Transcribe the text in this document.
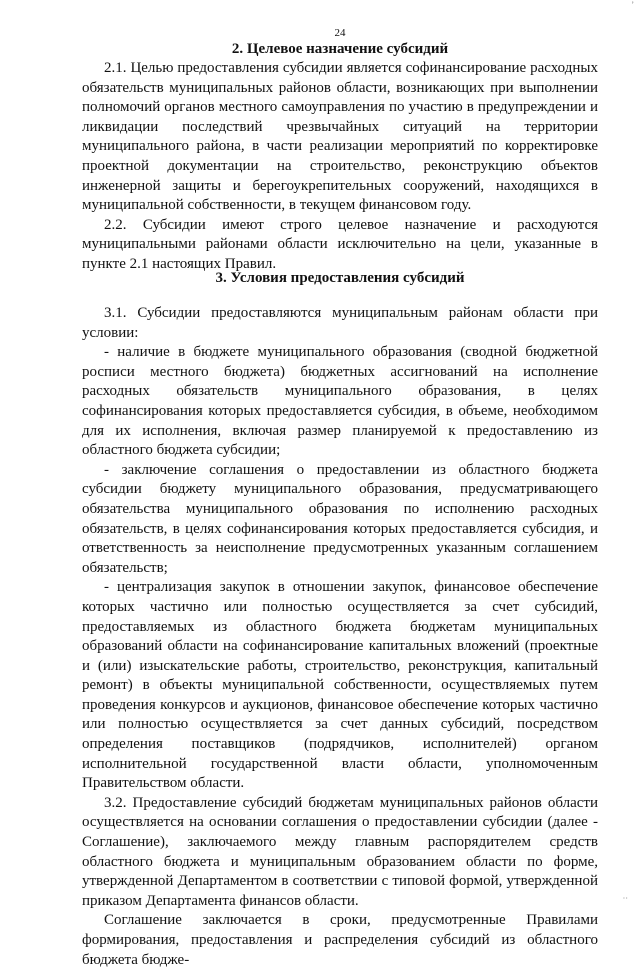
24
2. Целевое назначение субсидий

2.1. Целью предоставления субсидии является софинансирование расходных обязательств муниципальных районов области, возникающих при выполнении полномочий органов местного самоуправления по участию в предупреждении и ликвидации последствий чрезвычайных ситуаций на территории муниципального района, в части реализации мероприятий по корректировке проектной документации на строительство, реконструкцию объектов инженерной защиты и берегоукрепительных сооружений, находящихся в муниципальной собственности, в текущем финансовом году.

2.2. Субсидии имеют строго целевое назначение и расходуются муниципальными районами области исключительно на цели, указанные в пункте 2.1 настоящих Правил.

3. Условия предоставления субсидий

3.1. Субсидии предоставляются муниципальным районам области при условии:

- наличие в бюджете муниципального образования (сводной бюджетной росписи местного бюджета) бюджетных ассигнований на исполнение расходных обязательств муниципального образования, в целях софинансирования которых предоставляется субсидия, в объеме, необходимом для их исполнения, включая размер планируемой к предоставлению из областного бюджета субсидии;

- заключение соглашения о предоставлении из областного бюджета субсидии бюджету муниципального образования, предусматривающего обязательства муниципального образования по исполнению расходных обязательств, в целях софинансирования которых предоставляется субсидия, и ответственность за неисполнение предусмотренных указанным соглашением обязательств;

- централизация закупок в отношении закупок, финансовое обеспечение которых частично или полностью осуществляется за счет субсидий, предоставляемых из областного бюджета бюджетам муниципальных образований области на софинансирование капитальных вложений (проектные и (или) изыскательские работы, строительство, реконструкция, капитальный ремонт) в объекты муниципальной собственности, осуществляемых путем проведения конкурсов и аукционов, финансовое обеспечение которых частично или полностью осуществляется за счет данных субсидий, посредством определения поставщиков (подрядчиков, исполнителей) органом исполнительной государственной власти области, уполномоченным Правительством области.

3.2. Предоставление субсидий бюджетам муниципальных районов области осуществляется на основании соглашения о предоставлении субсидии (далее - Соглашение), заключаемого между главным распорядителем средств областного бюджета и муниципальным образованием области по форме, утвержденной Департаментом в соответствии с типовой формой, утвержденной приказом Департамента финансов области.

Соглашение заключается в сроки, предусмотренные Правилами формирования, предоставления и распределения субсидий из областного бюджета бюдже-

ʼ
··
